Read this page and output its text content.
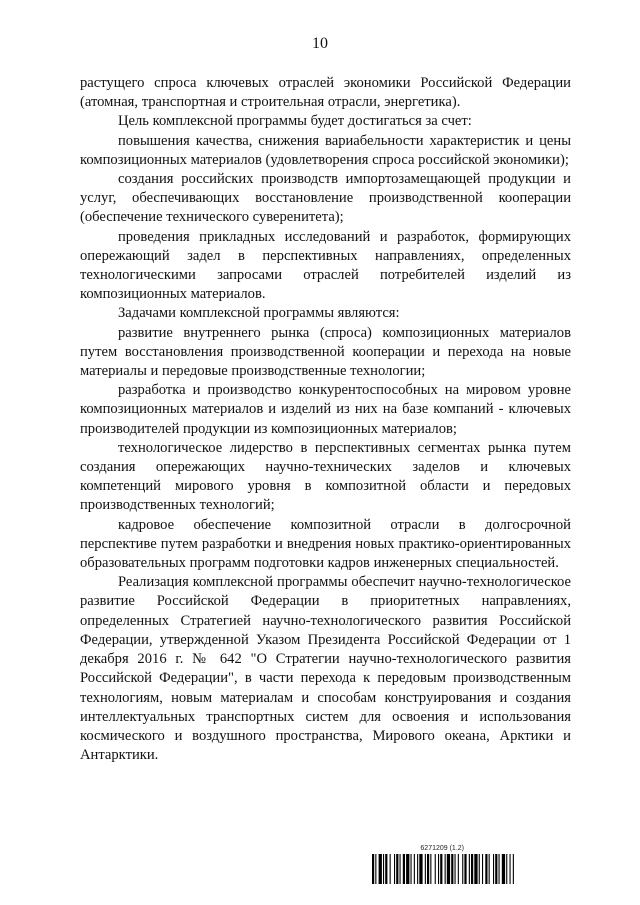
10

растущего спроса ключевых отраслей экономики Российской Федерации (атомная, транспортная и строительная отрасли, энергетика).

Цель комплексной программы будет достигаться за счет:

повышения качества, снижения вариабельности характеристик и цены композиционных материалов (удовлетворения спроса российской экономики);

создания российских производств импортозамещающей продукции и услуг, обеспечивающих восстановление производственной кооперации (обеспечение технического суверенитета);

проведения прикладных исследований и разработок, формирующих опережающий задел в перспективных направлениях, определенных технологическими запросами отраслей потребителей изделий из композиционных материалов.

Задачами комплексной программы являются:

развитие внутреннего рынка (спроса) композиционных материалов путем восстановления производственной кооперации и перехода на новые материалы и передовые производственные технологии;

разработка и производство конкурентоспособных на мировом уровне композиционных материалов и изделий из них на базе компаний - ключевых производителей продукции из композиционных материалов;

технологическое лидерство в перспективных сегментах рынка путем создания опережающих научно-технических заделов и ключевых компетенций мирового уровня в композитной области и передовых производственных технологий;

кадровое обеспечение композитной отрасли в долгосрочной перспективе путем разработки и внедрения новых практико-ориентированных образовательных программ подготовки кадров инженерных специальностей.

Реализация комплексной программы обеспечит научно-технологическое развитие Российской Федерации в приоритетных направлениях, определенных Стратегией научно-технологического развития Российской Федерации, утвержденной Указом Президента Российской Федерации от 1 декабря 2016 г. № 642 "О Стратегии научно-технологического развития Российской Федерации", в части перехода к передовым производственным технологиям, новым материалам и способам конструирования и создания интеллектуальных транспортных систем для освоения и использования космического и воздушного пространства, Мирового океана, Арктики и Антарктики.

6271209 (1.2)
